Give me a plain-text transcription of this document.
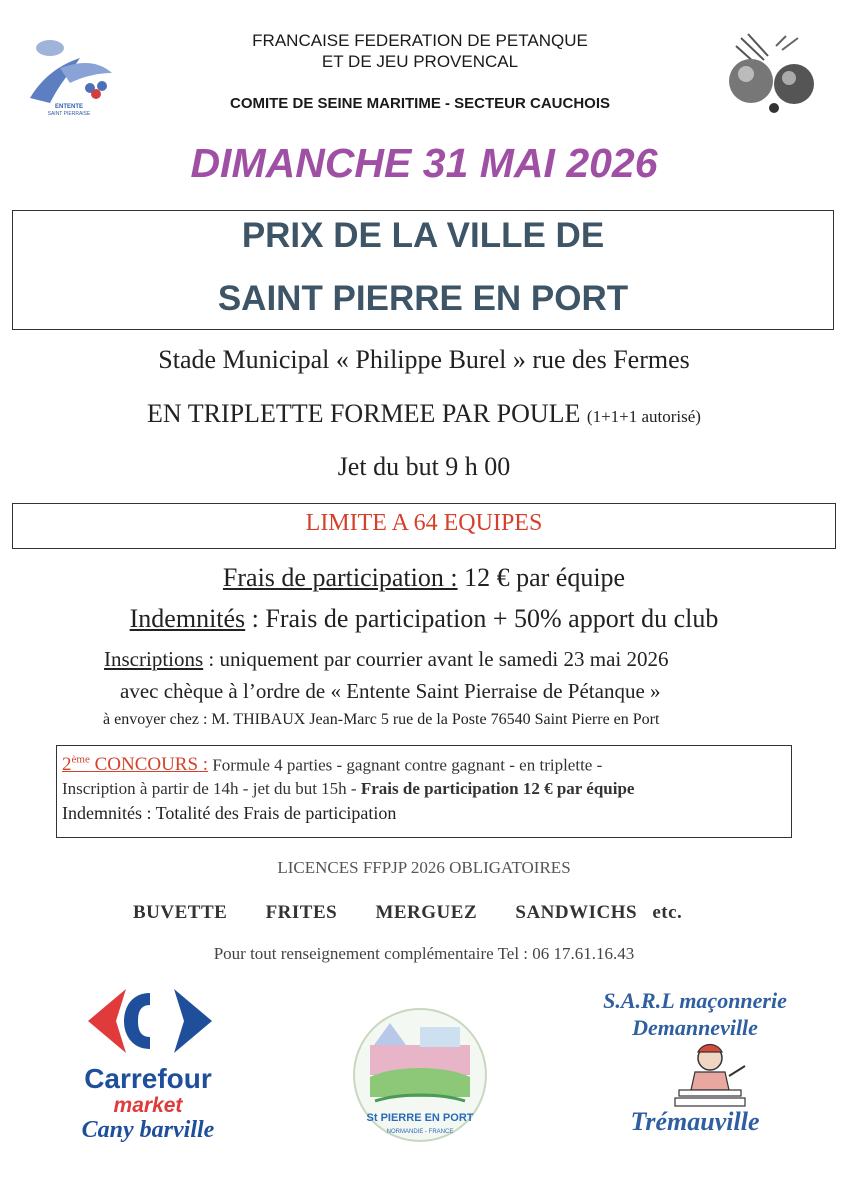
ENTENTE
SAINT PIERRAISE
FRANCAISE FEDERATION DE PETANQUE
ET DE JEU PROVENCAL
COMITE DE SEINE MARITIME - SECTEUR CAUCHOIS
DIMANCHE 31 MAI 2026
PRIX DE LA VILLE DE
SAINT PIERRE EN PORT
Stade Municipal « Philippe Burel » rue des Fermes
EN TRIPLETTE FORMEE PAR POULE (1+1+1 autorisé)
Jet du but 9 h 00
LIMITE A 64 EQUIPES
Frais de participation : 12 € par équipe
Indemnités : Frais de participation + 50% apport du club
Inscriptions : uniquement par courrier avant le samedi 23 mai 2026
avec chèque à l’ordre de « Entente Saint Pierraise de Pétanque »
à envoyer chez : M. THIBAUX Jean-Marc 5 rue de la Poste 76540 Saint Pierre en Port
2ème CONCOURS : Formule 4 parties - gagnant contre gagnant - en triplette -
Inscription à partir de 14h - jet du but 15h - Frais de participation 12 € par équipe
Indemnités : Totalité des Frais de participation
LICENCES FFPJP 2026 OBLIGATOIRES
BUVETTE FRITES MERGUEZ SANDWICHS etc.
Pour tout renseignement complémentaire Tel : 06 17.61.16.43
Carrefour
market
Cany barville	St PIERRE EN PORT
NORMANDIE - FRANCE
S.A.R.L maçonnerie
Demanneville
Trémauville
